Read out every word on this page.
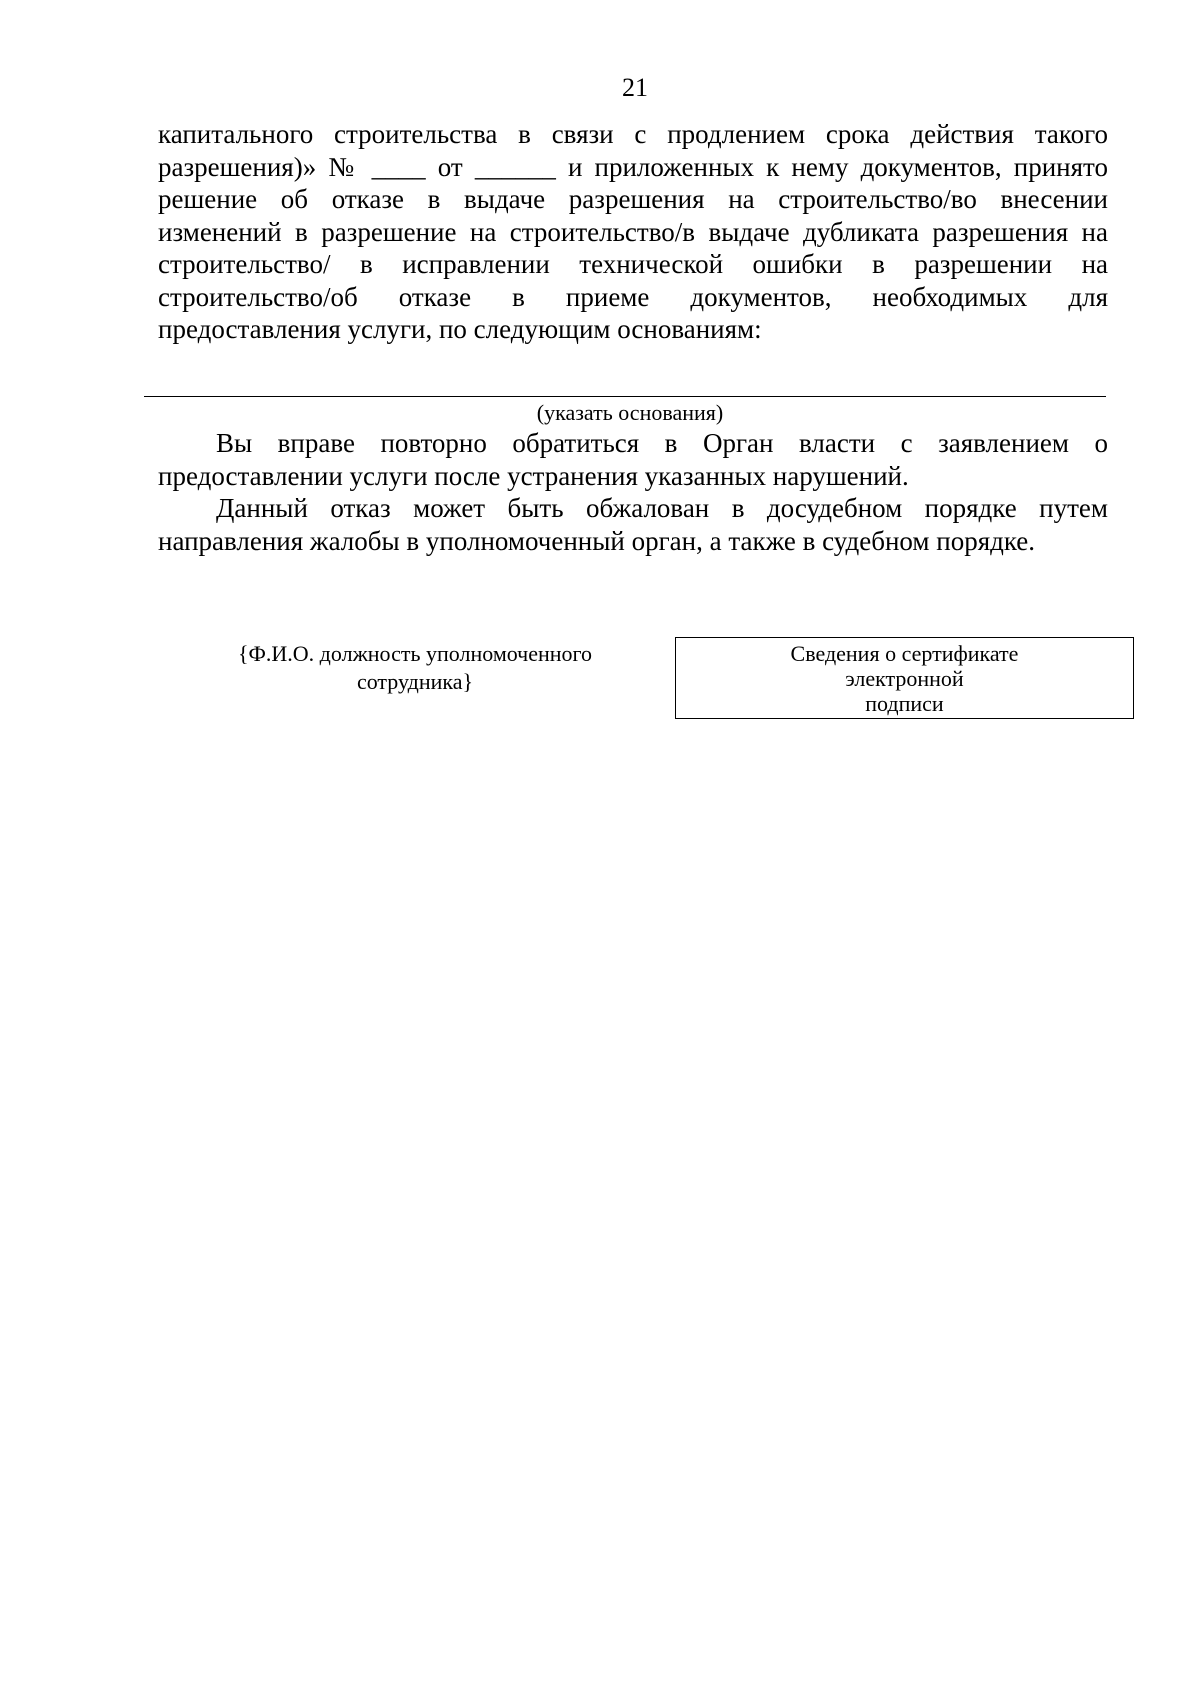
21

капитального строительства в связи с продлением срока действия такого
разрешения)» № ____ от ______ и приложенных к нему документов, принято
решение об отказе в выдаче разрешения на строительство/во внесении
изменений в разрешение на строительство/в выдаче дубликата разрешения на
строительство/ в исправлении технической ошибки в разрешении на
строительство/об отказе в приеме документов, необходимых для
предоставления услуги, по следующим основаниям:

(указать основания)

Вы вправе повторно обратиться в Орган власти с заявлением о
предоставлении услуги после устранения указанных нарушений.

Данный отказ может быть обжалован в досудебном порядке путем
направления жалобы в уполномоченный орган, а также в судебном порядке.

{Ф.И.О. должность уполномоченного
сотрудника}
Сведения о сертификате
электронной
подписи
